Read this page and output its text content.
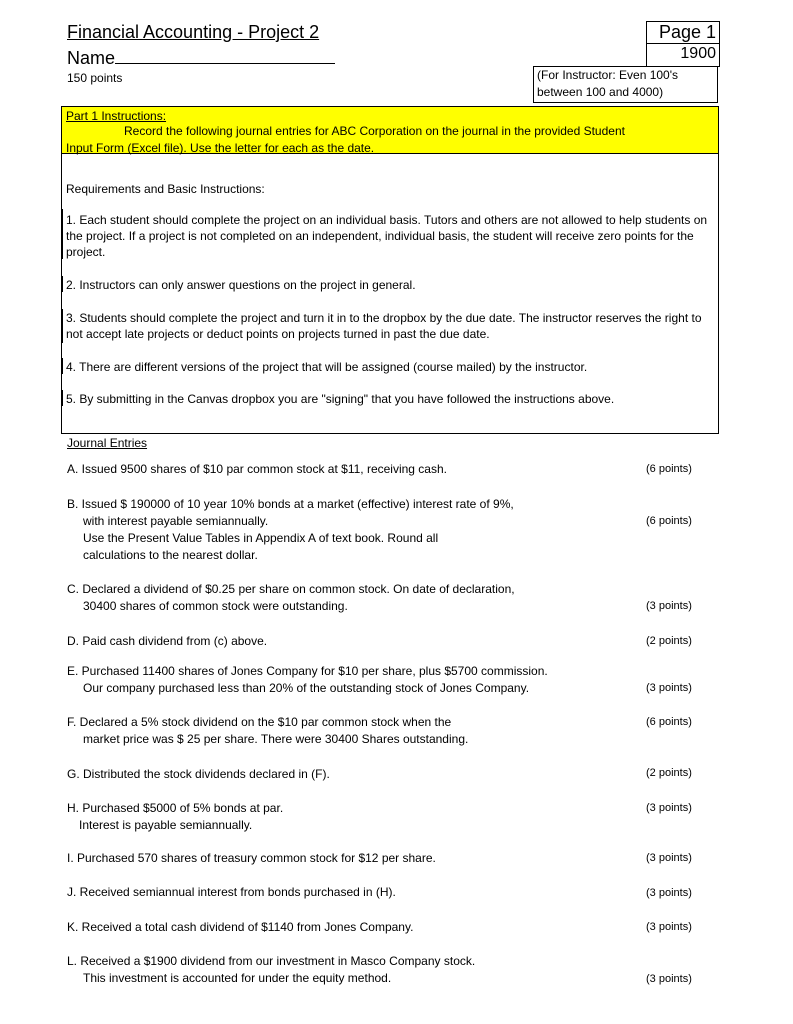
Financial Accounting - Project 2
Name
150 points
Page 1
1900
(For Instructor: Even 100's
between 100 and 4000)
Part 1 Instructions:
Record the following journal entries for ABC Corporation on the journal in the provided Student
Input Form (Excel file). Use the letter for each as the date.
Requirements and Basic Instructions:
1. Each student should complete the project on an individual basis. Tutors and others are not allowed to help students on the project. If a project is not completed on an independent, individual basis, the student will receive zero points for the project.
2. Instructors can only answer questions on the project in general.
3. Students should complete the project and turn it in to the dropbox by the due date. The instructor reserves the right to not accept late projects or deduct points on projects turned in past the due date.
4. There are different versions of the project that will be assigned (course mailed) by the instructor.
5. By submitting in the Canvas dropbox you are "signing" that you have followed the instructions above.
Journal Entries
A. Issued 9500 shares of $10 par common stock at $11, receiving cash.	(6 points)
B. Issued $ 190000 of 10 year 10% bonds at a market (effective) interest rate of 9%,
with interest payable semiannually.
Use the Present Value Tables in Appendix A of text book. Round all
calculations to the nearest dollar.
(6 points)
C. Declared a dividend of $0.25 per share on common stock. On date of declaration,
30400 shares of common stock were outstanding.	(3 points)
D. Paid cash dividend from (c) above.	(2 points)
E. Purchased 11400 shares of Jones Company for $10 per share, plus $5700 commission.
Our company purchased less than 20% of the outstanding stock of Jones Company.	(3 points)
F. Declared a 5% stock dividend on the $10 par common stock when the
market price was $ 25 per share. There were 30400 Shares outstanding.
(6 points)
G. Distributed the stock dividends declared in (F).	(2 points)
H. Purchased $5000 of 5% bonds at par.
Interest is payable semiannually.
(3 points)
I. Purchased 570 shares of treasury common stock for $12 per share.	(3 points)
J. Received semiannual interest from bonds purchased in (H).	(3 points)
K. Received a total cash dividend of $1140 from Jones Company.	(3 points)
L. Received a $1900 dividend from our investment in Masco Company stock.
This investment is accounted for under the equity method.	(3 points)
